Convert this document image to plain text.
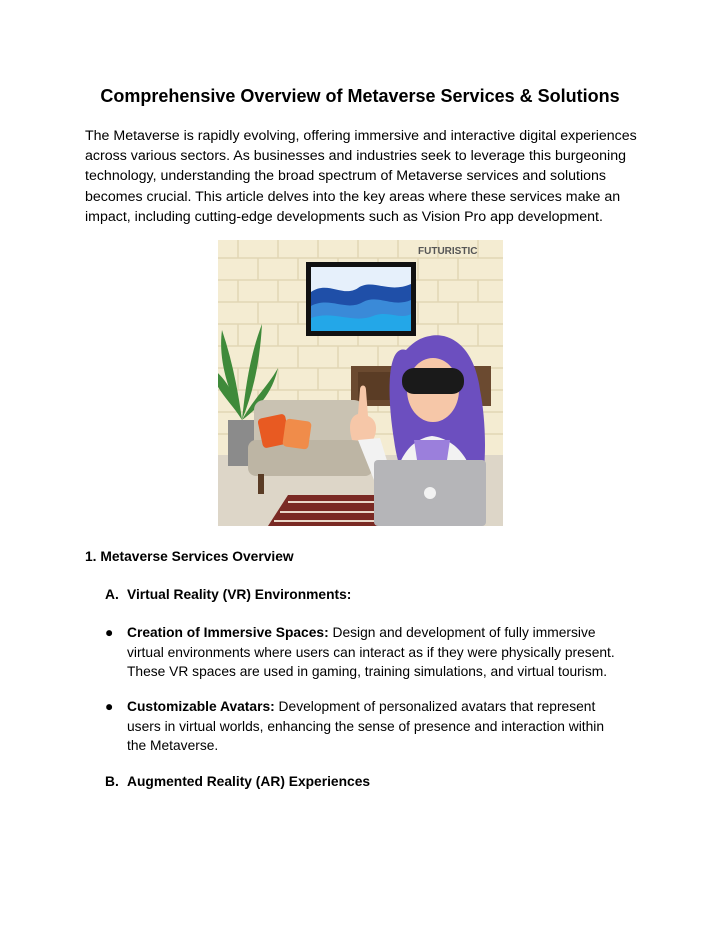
Comprehensive Overview of Metaverse Services & Solutions
The Metaverse is rapidly evolving, offering immersive and interactive digital experiences across various sectors. As businesses and industries seek to leverage this burgeoning technology, understanding the broad spectrum of Metaverse services and solutions becomes crucial. This article delves into the key areas where these services make an impact, including cutting-edge developments such as Vision Pro app development.
FUTURISTIC
1. Metaverse Services Overview
A. Virtual Reality (VR) Environments:
● Creation of Immersive Spaces: Design and development of fully immersive virtual environments where users can interact as if they were physically present. These VR spaces are used in gaming, training simulations, and virtual tourism.
● Customizable Avatars: Development of personalized avatars that represent users in virtual worlds, enhancing the sense of presence and interaction within the Metaverse.
B. Augmented Reality (AR) Experiences
